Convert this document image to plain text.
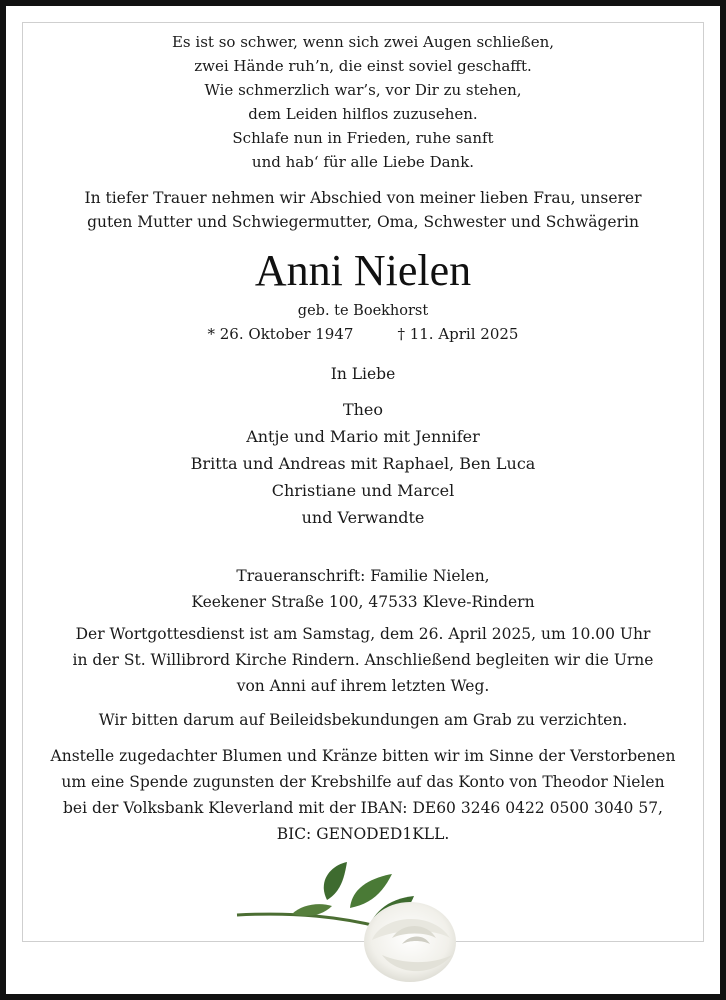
Es ist so schwer, wenn sich zwei Augen schließen,

zwei Hände ruh’n, die einst soviel geschafft.

Wie schmerzlich war’s, vor Dir zu stehen,

dem Leiden hilflos zuzusehen.

Schlafe nun in Frieden, ruhe sanft

und hab‘ für alle Liebe Dank.

In tiefer Trauer nehmen wir Abschied von meiner lieben Frau, unserer

guten Mutter und Schwiegermutter, Oma, Schwester und Schwägerin

Anni Nielen
geb. te Boekhorst
* 26. Oktober 1947	† 11. April 2025

In Liebe

Theo

Antje und Mario mit Jennifer

Britta und Andreas mit Raphael, Ben Luca

Christiane und Marcel

und Verwandte

Traueranschrift: Familie Nielen,

Keekener Straße 100, 47533 Kleve-Rindern

Der Wortgottesdienst ist am Samstag, dem 26. April 2025, um 10.00 Uhr

in der St. Willibrord Kirche Rindern. Anschließend begleiten wir die Urne

von Anni auf ihrem letzten Weg.

Wir bitten darum auf Beileidsbekundungen am Grab zu verzichten.

Anstelle zugedachter Blumen und Kränze bitten wir im Sinne der Verstorbenen

um eine Spende zugunsten der Krebshilfe auf das Konto von Theodor Nielen

bei der Volksbank Kleverland mit der IBAN: DE60 3246 0422 0500 3040 57,

BIC: GENODED1KLL.
